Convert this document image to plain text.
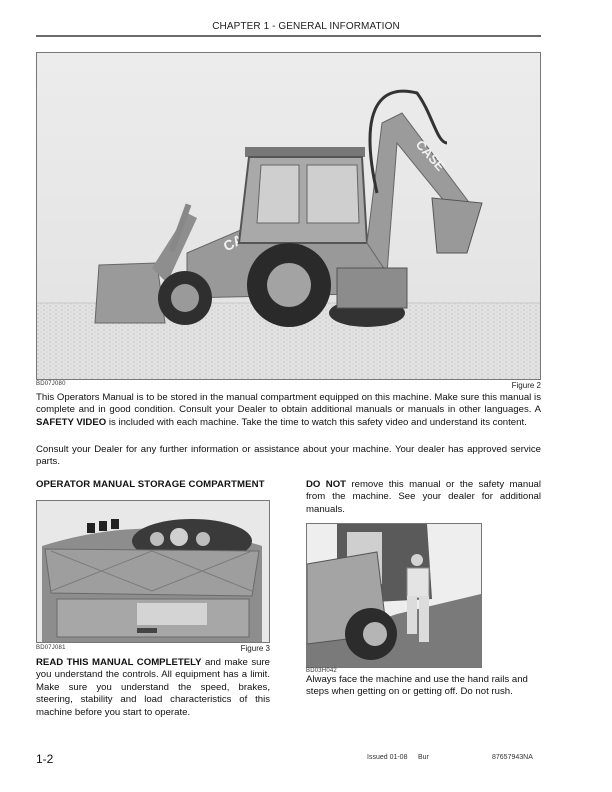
CHAPTER 1 - GENERAL INFORMATION
CASE
BD07J080	Figure 2
This Operators Manual is to be stored in the manual compartment equipped on this machine. Make sure this manual is complete and in good condition. Consult your Dealer to obtain additional manuals or manuals in other languages. A SAFETY VIDEO is included with each machine. Take the time to watch this safety video and understand its content.
Consult your Dealer for any further information or assistance about your machine. Your dealer has approved service parts.
OPERATOR MANUAL STORAGE COMPARTMENT
BD07J081	Figure 3
READ THIS MANUAL COMPLETELY and make sure you understand the controls. All equipment has a limit. Make sure you understand the speed, brakes, steering, stability and load characteristics of this machine before you start to operate.
DO NOT remove this manual or the safety manual from the machine. See your dealer for additional manuals.
BD03H042
Always face the machine and use the hand rails and steps when getting on or getting off. Do not rush.
1-2	Issued 01-08 Bur	87657943NA
